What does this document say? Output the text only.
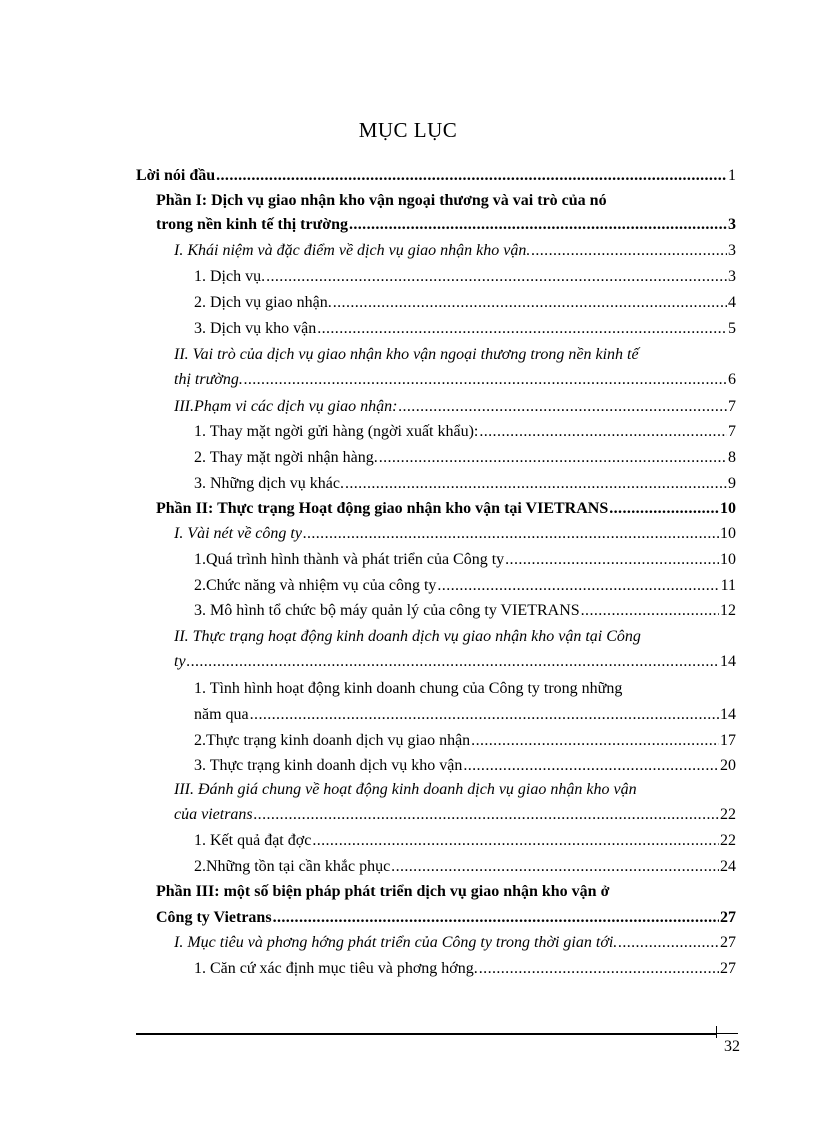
MỤC LỤC
Lời nói đầu .....	1
Phần I: Dịch vụ giao nhận kho vận ngoại thương và vai trò của nó
trong nền kinh tế thị trường .....	3
I. Khái niệm và đặc điểm về dịch vụ giao nhận kho vận. .....	3
1. Dịch vụ. .....	3
2. Dịch vụ giao nhận. .....	4
3. Dịch vụ kho vận .....	5
II. Vai trò của dịch vụ giao nhận kho vận ngoại thương trong nền kinh tế
thị trường. .....	6
III.Phạm vi các dịch vụ giao nhận: .....	7
1. Thay mặt ngời gửi hàng (ngời xuất khẩu): .....	7
2. Thay mặt ngời nhận hàng. .....	8
3. Những dịch vụ khác. .....	9
Phần II: Thực trạng Hoạt động giao nhận kho vận tại VIETRANS .....	10
I. Vài nét về công ty .....	10
1.Quá trình hình thành và phát triển của Công ty .....	10
2.Chức năng và nhiệm vụ của công ty .....	11
3. Mô hình tổ chức bộ máy quản lý của công ty VIETRANS .....	12
II. Thực trạng hoạt động kinh doanh dịch vụ giao nhận kho vận tại Công
ty .....	14
1. Tình hình hoạt động kinh doanh chung của Công ty trong những
năm qua .....	14
2.Thực trạng kinh doanh dịch vụ giao nhận .....	17
3. Thực trạng kinh doanh dịch vụ kho vận .....	20
III. Đánh giá chung về hoạt động kinh doanh dịch vụ giao nhận kho vận
của vietrans .....	22
1. Kết quả đạt đợc .....	22
2.Những tồn tại cần khắc phục .....	24
Phần III: một số biện pháp phát triển dịch vụ giao nhận kho vận ở
Công ty Vietrans .....	27
I. Mục tiêu và phơng hớng phát triển của Công ty trong thời gian tới. .....	27
1. Căn cứ xác định mục tiêu và phơng hớng. .....	27
32
